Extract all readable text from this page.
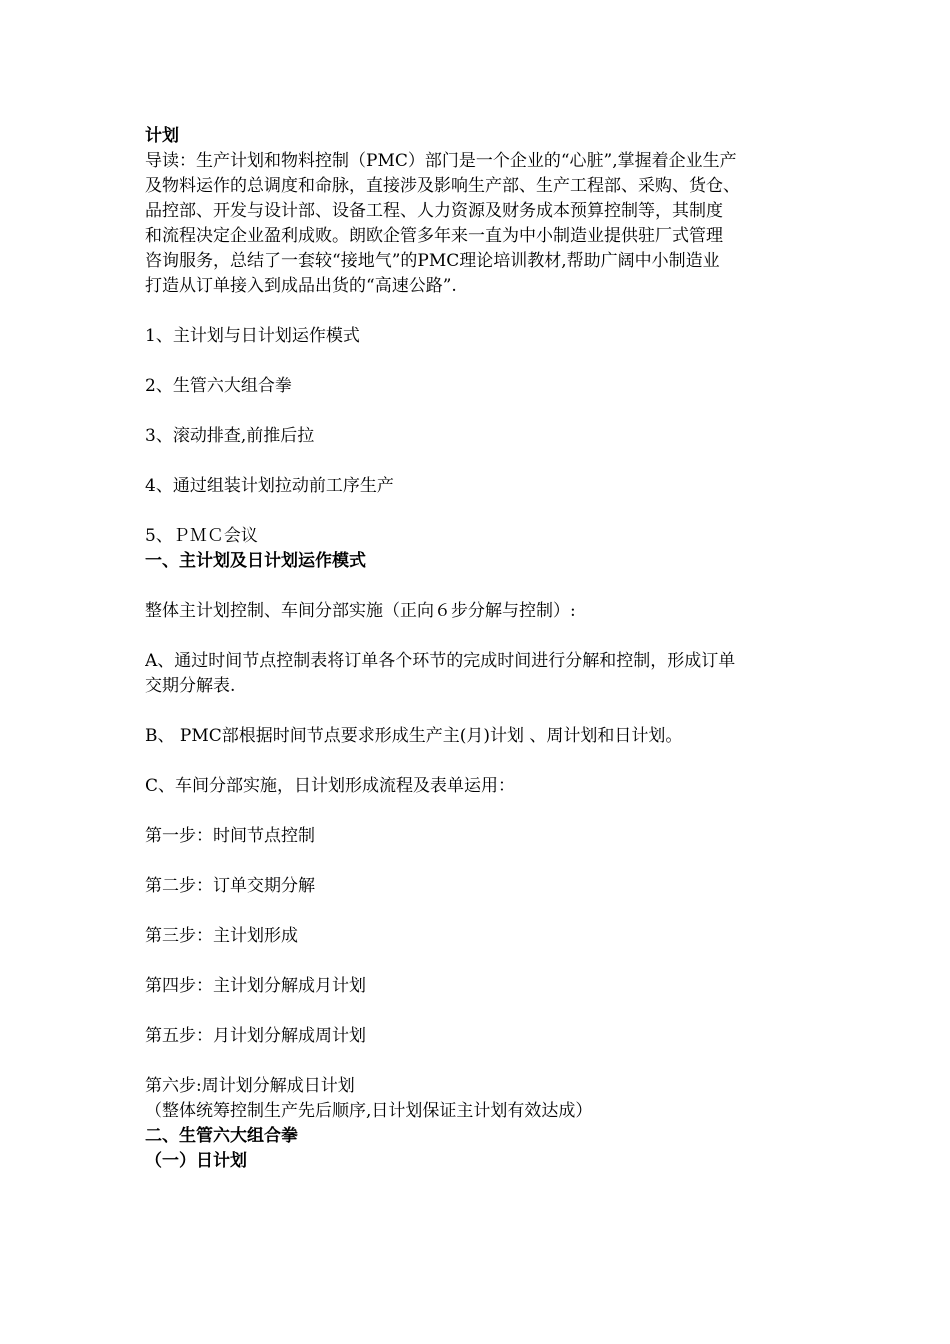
计划
导读：生产计划和物料控制（PMC）部门是一个企业的“心脏”,掌握着企业生产
及物料运作的总调度和命脉，直接涉及影响生产部、生产工程部、采购、货仓、
品控部、开发与设计部、设备工程、人力资源及财务成本预算控制等，其制度
和流程决定企业盈利成败。朗欧企管多年来一直为中小制造业提供驻厂式管理
咨询服务，总结了一套较“接地气”的PMC理论培训教材,帮助广阔中小制造业
打造从订单接入到成品出货的“高速公路”.
1、主计划与日计划运作模式
2、生管六大组合拳
3、滚动排查,前推后拉
4、通过组装计划拉动前工序生产
5、ＰＭＣ会议
一、主计划及日计划运作模式
整体主计划控制、车间分部实施（正向６步分解与控制）:
A、通过时间节点控制表将订单各个环节的完成时间进行分解和控制，形成订单
交期分解表.
B、 PMC部根据时间节点要求形成生产主(月)计划 、周计划和日计划。
C、车间分部实施，日计划形成流程及表单运用：
第一步：时间节点控制
第二步：订单交期分解
第三步：主计划形成
第四步：主计划分解成月计划
第五步：月计划分解成周计划
第六步:周计划分解成日计划
（整体统筹控制生产先后顺序,日计划保证主计划有效达成）
二、生管六大组合拳
（一）日计划
